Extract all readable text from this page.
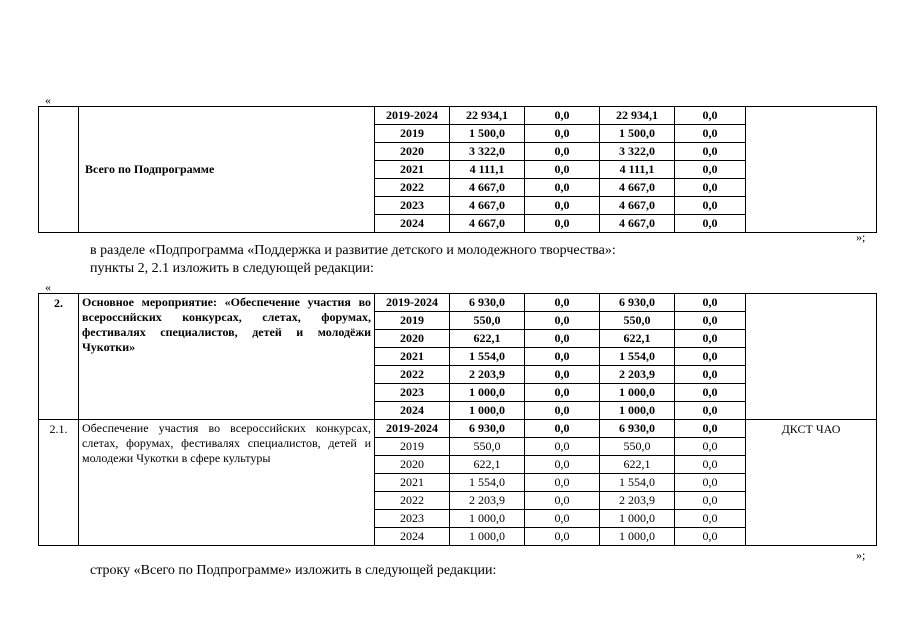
«
	Всего по Подпрограмме	2019-2024	22 934,1	0,0	22 934,1	0,0	
		2019	1 500,0	0,0	1 500,0	0,0	
		2020	3 322,0	0,0	3 322,0	0,0	
		2021	4 111,1	0,0	4 111,1	0,0	
		2022	4 667,0	0,0	4 667,0	0,0	
		2023	4 667,0	0,0	4 667,0	0,0	
		2024	4 667,0	0,0	4 667,0	0,0	
»;
в разделе «Подпрограмма «Поддержка и развитие детского и молодежного творчества»:
пункты 2, 2.1 изложить в следующей редакции:
«
2.	Основное мероприятие: «Обеспечение участия во всероссийских конкурсах, слетах, форумах, фестивалях специалистов, детей и молодёжи Чукотки»	2019-2024	6 930,0	0,0	6 930,0	0,0	
		2019	550,0	0,0	550,0	0,0	
		2020	622,1	0,0	622,1	0,0	
		2021	1 554,0	0,0	1 554,0	0,0	
		2022	2 203,9	0,0	2 203,9	0,0	
		2023	1 000,0	0,0	1 000,0	0,0	
		2024	1 000,0	0,0	1 000,0	0,0	
2.1.	Обеспечение участия во всероссийских конкурсах, слетах, форумах, фестивалях специалистов, детей и молодежи Чукотки в сфере культуры	2019-2024	6 930,0	0,0	6 930,0	0,0	ДКСТ ЧАО
		2019	550,0	0,0	550,0	0,0	
		2020	622,1	0,0	622,1	0,0	
		2021	1 554,0	0,0	1 554,0	0,0	
		2022	2 203,9	0,0	2 203,9	0,0	
		2023	1 000,0	0,0	1 000,0	0,0	
		2024	1 000,0	0,0	1 000,0	0,0	
»;
строку «Всего по Подпрограмме» изложить в следующей редакции:
